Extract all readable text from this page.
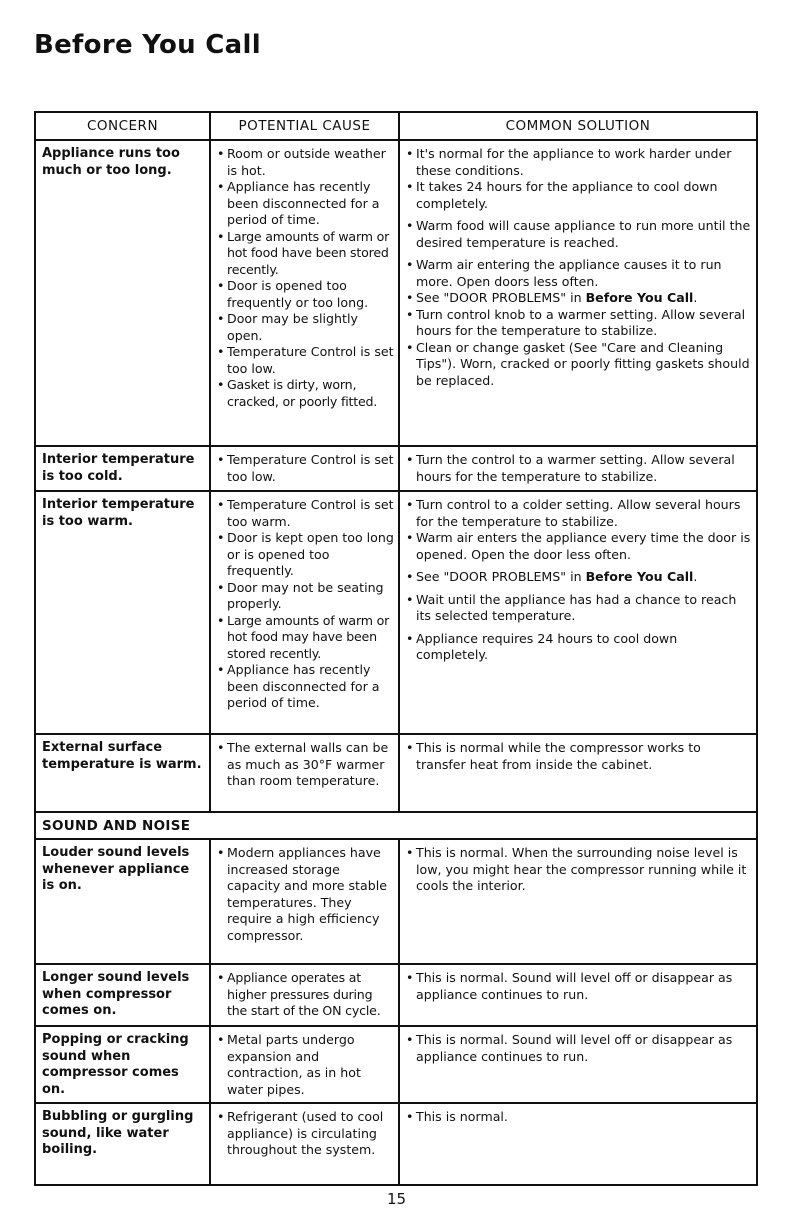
Before You Call
CONCERN	POTENTIAL CAUSE	COMMON SOLUTION
Appliance runs too much or too long.
• Room or outside weather is hot.
• Appliance has recently been disconnected for a period of time.
• Large amounts of warm or hot food have been stored recently.
• Door is opened too frequently or too long.
• Door may be slightly open.
• Temperature Control is set too low.
• Gasket is dirty, worn, cracked, or poorly fitted.
• It's normal for the appliance to work harder under these conditions.
• It takes 24 hours for the appliance to cool down completely.
• Warm food will cause appliance to run more until the desired temperature is reached.
• Warm air entering the appliance causes it to run more. Open doors less often.
• See "DOOR PROBLEMS" in Before You Call.
• Turn control knob to a warmer setting. Allow several hours for the temperature to stabilize.
• Clean or change gasket (See "Care and Cleaning Tips"). Worn, cracked or poorly fitting gaskets should be replaced.
Interior temperature is too cold.
• Temperature Control is set too low.
• Turn the control to a warmer setting. Allow several hours for the temperature to stabilize.
Interior temperature is too warm.
• Temperature Control is set too warm.
• Door is kept open too long or is opened too frequently.
• Door may not be seating properly.
• Large amounts of warm or hot food may have been stored recently.
• Appliance has recently been disconnected for a period of time.
• Turn control to a colder setting. Allow several hours for the temperature to stabilize.
• Warm air enters the appliance every time the door is opened. Open the door less often.
• See "DOOR PROBLEMS" in Before You Call.
• Wait until the appliance has had a chance to reach its selected temperature.
• Appliance requires 24 hours to cool down completely.
External surface temperature is warm.
• The external walls can be as much as 30°F warmer than room temperature.
• This is normal while the compressor works to transfer heat from inside the cabinet.
SOUND AND NOISE
Louder sound levels whenever appliance is on.
• Modern appliances have increased storage capacity and more stable temperatures. They require a high efficiency compressor.
• This is normal. When the surrounding noise level is low, you might hear the compressor running while it cools the interior.
Longer sound levels when compressor comes on.
• Appliance operates at higher pressures during the start of the ON cycle.
• This is normal. Sound will level off or disappear as appliance continues to run.
Popping or cracking sound when compressor comes on.
• Metal parts undergo expansion and contraction, as in hot water pipes.
• This is normal. Sound will level off or disappear as appliance continues to run.
Bubbling or gurgling sound, like water boiling.
• Refrigerant (used to cool appliance) is circulating throughout the system.
• This is normal.
15
